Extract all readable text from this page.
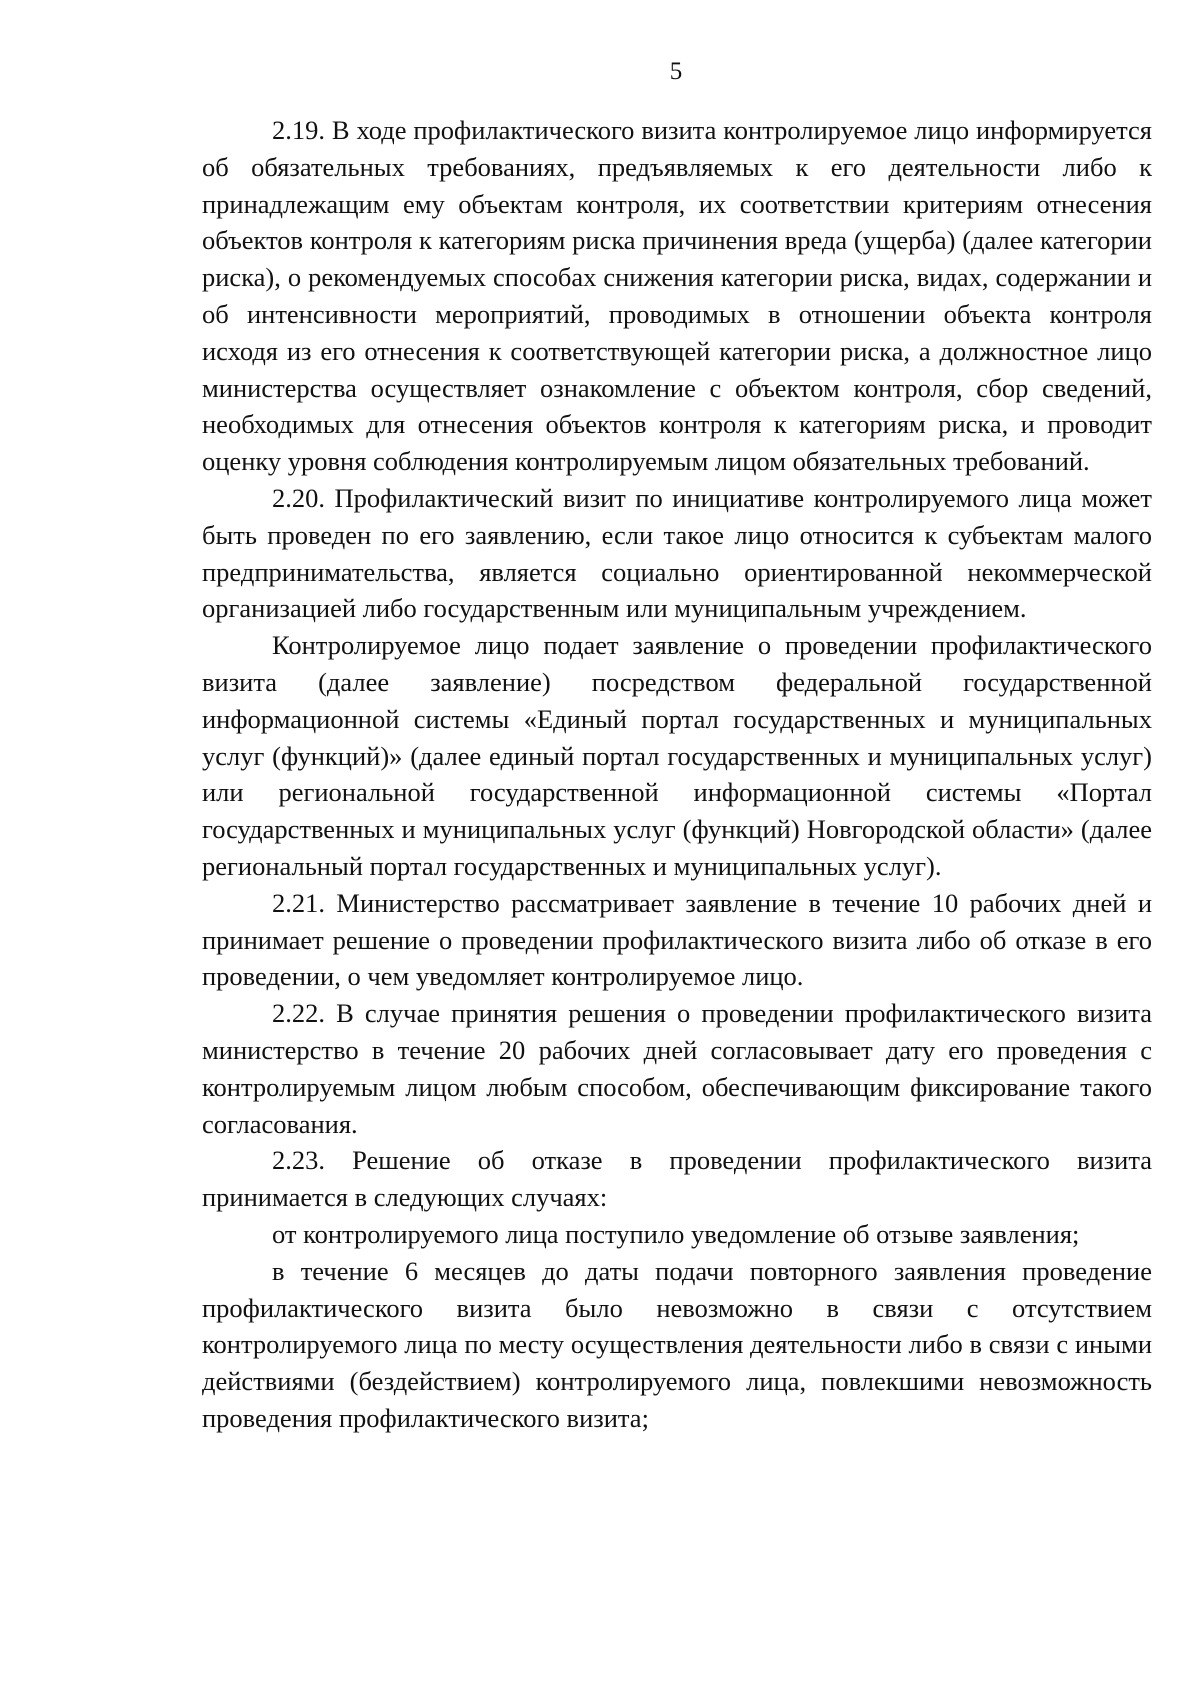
5

2.19. В ходе профилактического визита контролируемое лицо информируется об обязательных требованиях, предъявляемых к его деятельности либо к принадлежащим ему объектам контроля, их соответствии критериям отнесения объектов контроля к категориям риска причинения вреда (ущерба) (далее категории риска), о рекомендуемых способах снижения категории риска, видах, содержании и об интенсивности мероприятий, проводимых в отношении объекта контроля исходя из его отнесения к соответствующей категории риска, а должностное лицо министерства осуществляет ознакомление с объектом контроля, сбор сведений, необходимых для отнесения объектов контроля к категориям риска, и проводит оценку уровня соблюдения контролируемым лицом обязательных требований.

2.20. Профилактический визит по инициативе контролируемого лица может быть проведен по его заявлению, если такое лицо относится к субъектам малого предпринимательства, является социально ориентированной некоммерческой организацией либо государственным или муниципальным учреждением.

Контролируемое лицо подает заявление о проведении профилактического визита (далее заявление) посредством федеральной государственной информационной системы «Единый портал государственных и муниципальных услуг (функций)» (далее единый портал государственных и муниципальных услуг) или региональной государственной информационной системы «Портал государственных и муниципальных услуг (функций) Новгородской области» (далее региональный портал государственных и муниципальных услуг).

2.21. Министерство рассматривает заявление в течение 10 рабочих дней и принимает решение о проведении профилактического визита либо об отказе в его проведении, о чем уведомляет контролируемое лицо.

2.22. В случае принятия решения о проведении профилактического визита министерство в течение 20 рабочих дней согласовывает дату его проведения с контролируемым лицом любым способом, обеспечивающим фиксирование такого согласования.

2.23. Решение об отказе в проведении профилактического визита принимается в следующих случаях:

от контролируемого лица поступило уведомление об отзыве заявления;

в течение 6 месяцев до даты подачи повторного заявления проведение профилактического визита было невозможно в связи с отсутствием контролируемого лица по месту осуществления деятельности либо в связи с иными действиями (бездействием) контролируемого лица, повлекшими невозможность проведения профилактического визита;
